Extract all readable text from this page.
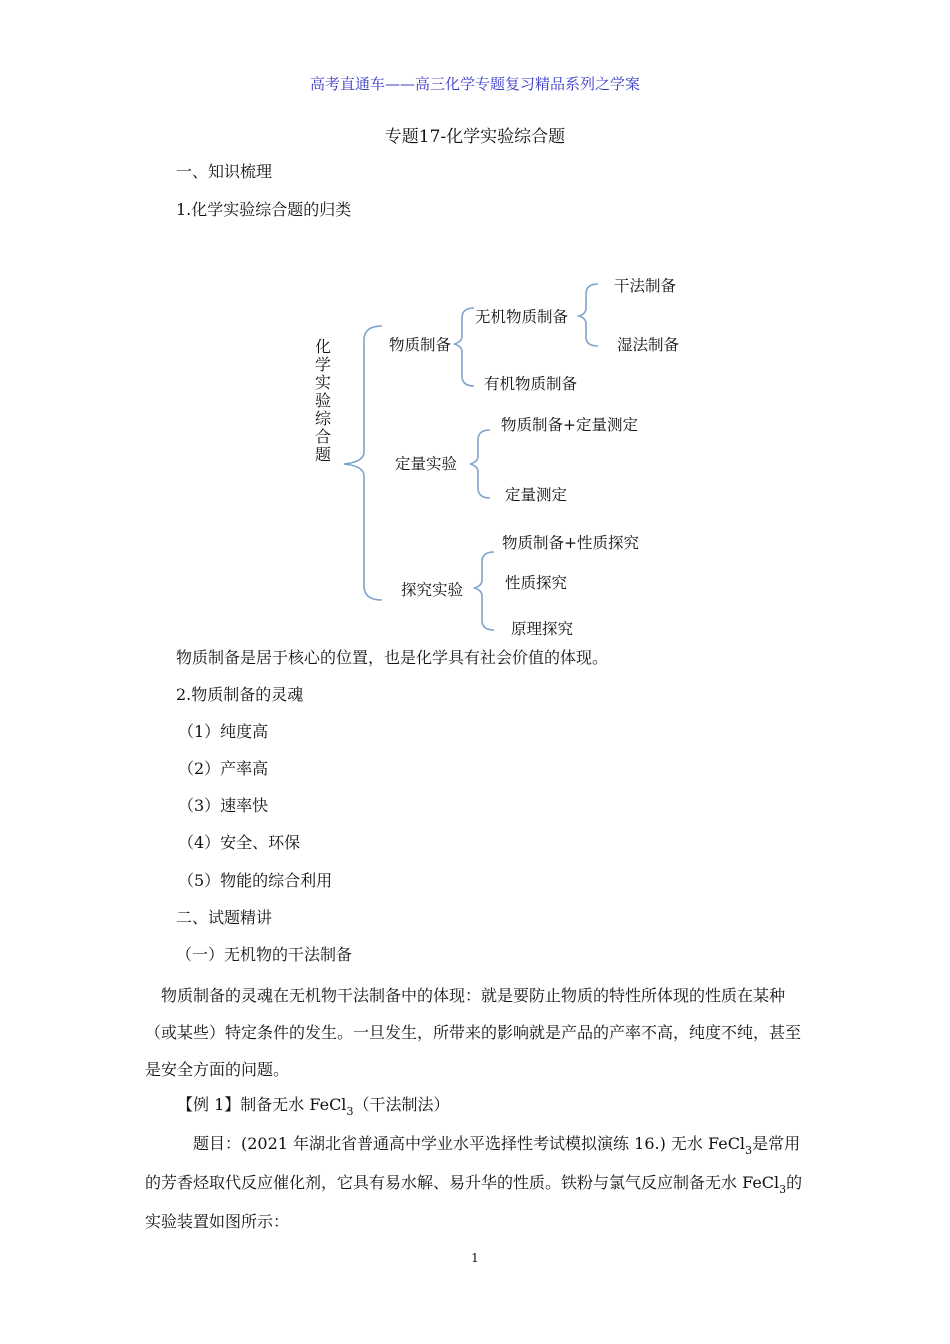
高考直通车——高三化学专题复习精品系列之学案
专题17-化学实验综合题
一、知识梳理
1.化学实验综合题的归类
化
学
实
验
综
合
题
物质制备
无机物质制备
干法制备
湿法制备
有机物质制备
定量实验
物质制备+定量测定
定量测定
探究实验
物质制备+性质探究
性质探究
原理探究
物质制备是居于核心的位置，也是化学具有社会价值的体现。
2.物质制备的灵魂
（1）纯度高
（2）产率高
（3）速率快
（4）安全、环保
（5）物能的综合利用
二、试题精讲
（一）无机物的干法制备
物质制备的灵魂在无机物干法制备中的体现：就是要防止物质的特性所体现的性质在某种（或某些）特定条件的发生。一旦发生，所带来的影响就是产品的产率不高，纯度不纯，甚至是安全方面的问题。
【例 1】制备无水 FeCl$_3$（干法制法）
题目：(2021 年湖北省普通高中学业水平选择性考试模拟演练 16.) 无水 FeCl$_3$是常用的芳香烃取代反应催化剂，它具有易水解、易升华的性质。铁粉与氯气反应制备无水 FeCl$_3$的实验装置如图所示：
1
